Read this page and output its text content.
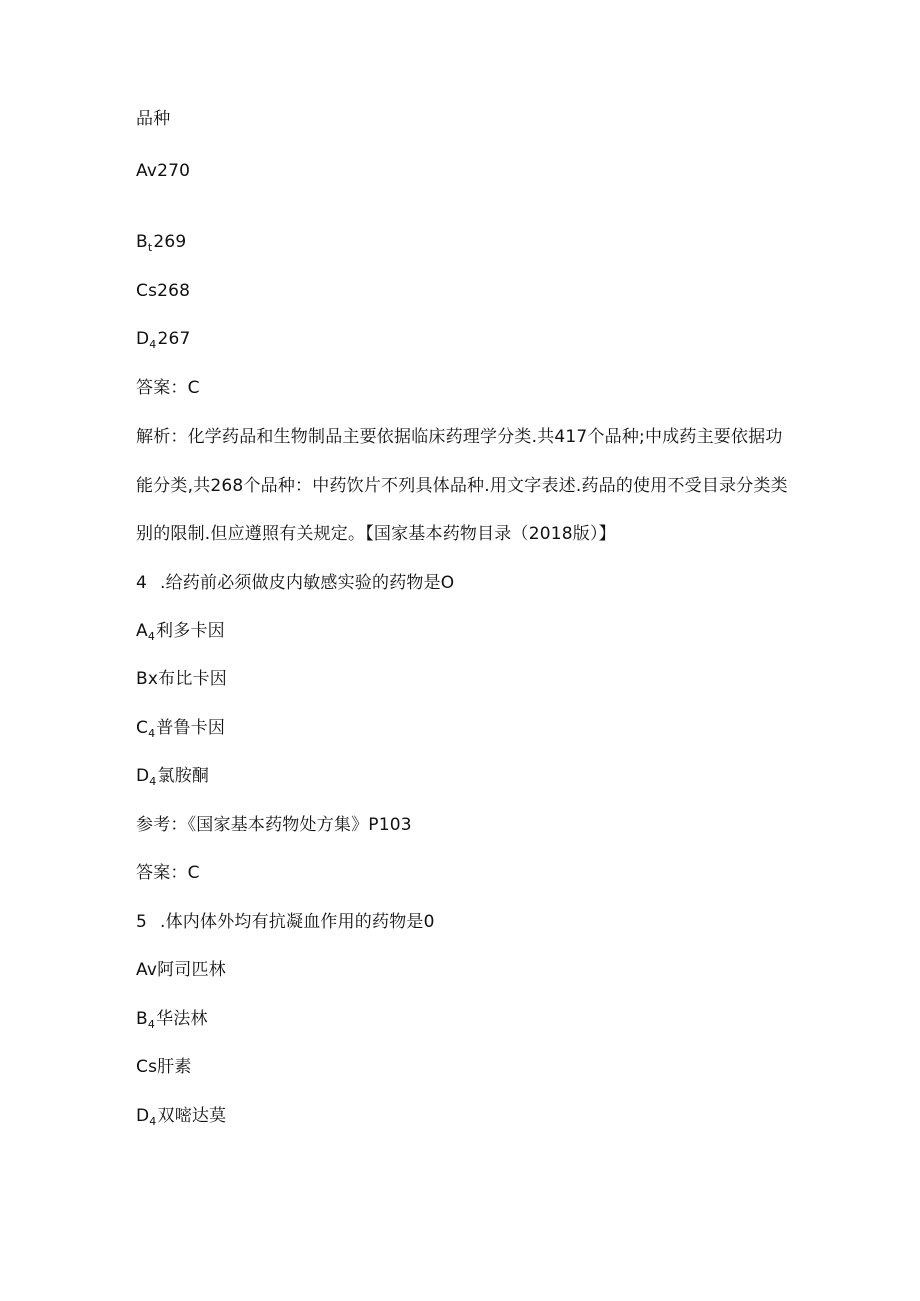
品种
Av270
$B_t269$
Cs268
$D_4267$
答案：C
解析：化学药品和生物制品主要依据临床药理学分类.共417个品种;中成药主要依据功
能分类,共268个品种：中药饮片不列具体品种.用文字表述.药品的使用不受目录分类类
别的限制.但应遵照有关规定。【国家基本药物目录（2018版）】
4 .给药前必须做皮内敏感实验的药物是O
$A_4$利多卡因
Bx布比卡因
$C_4$普鲁卡因
$D_4$氯胺酮
参考：《国家基本药物处方集》P103
答案：C
5 .体内体外均有抗凝血作用的药物是0
Av阿司匹林
$B_4$华法林
Cs肝素
$D_4$双嘧达莫
